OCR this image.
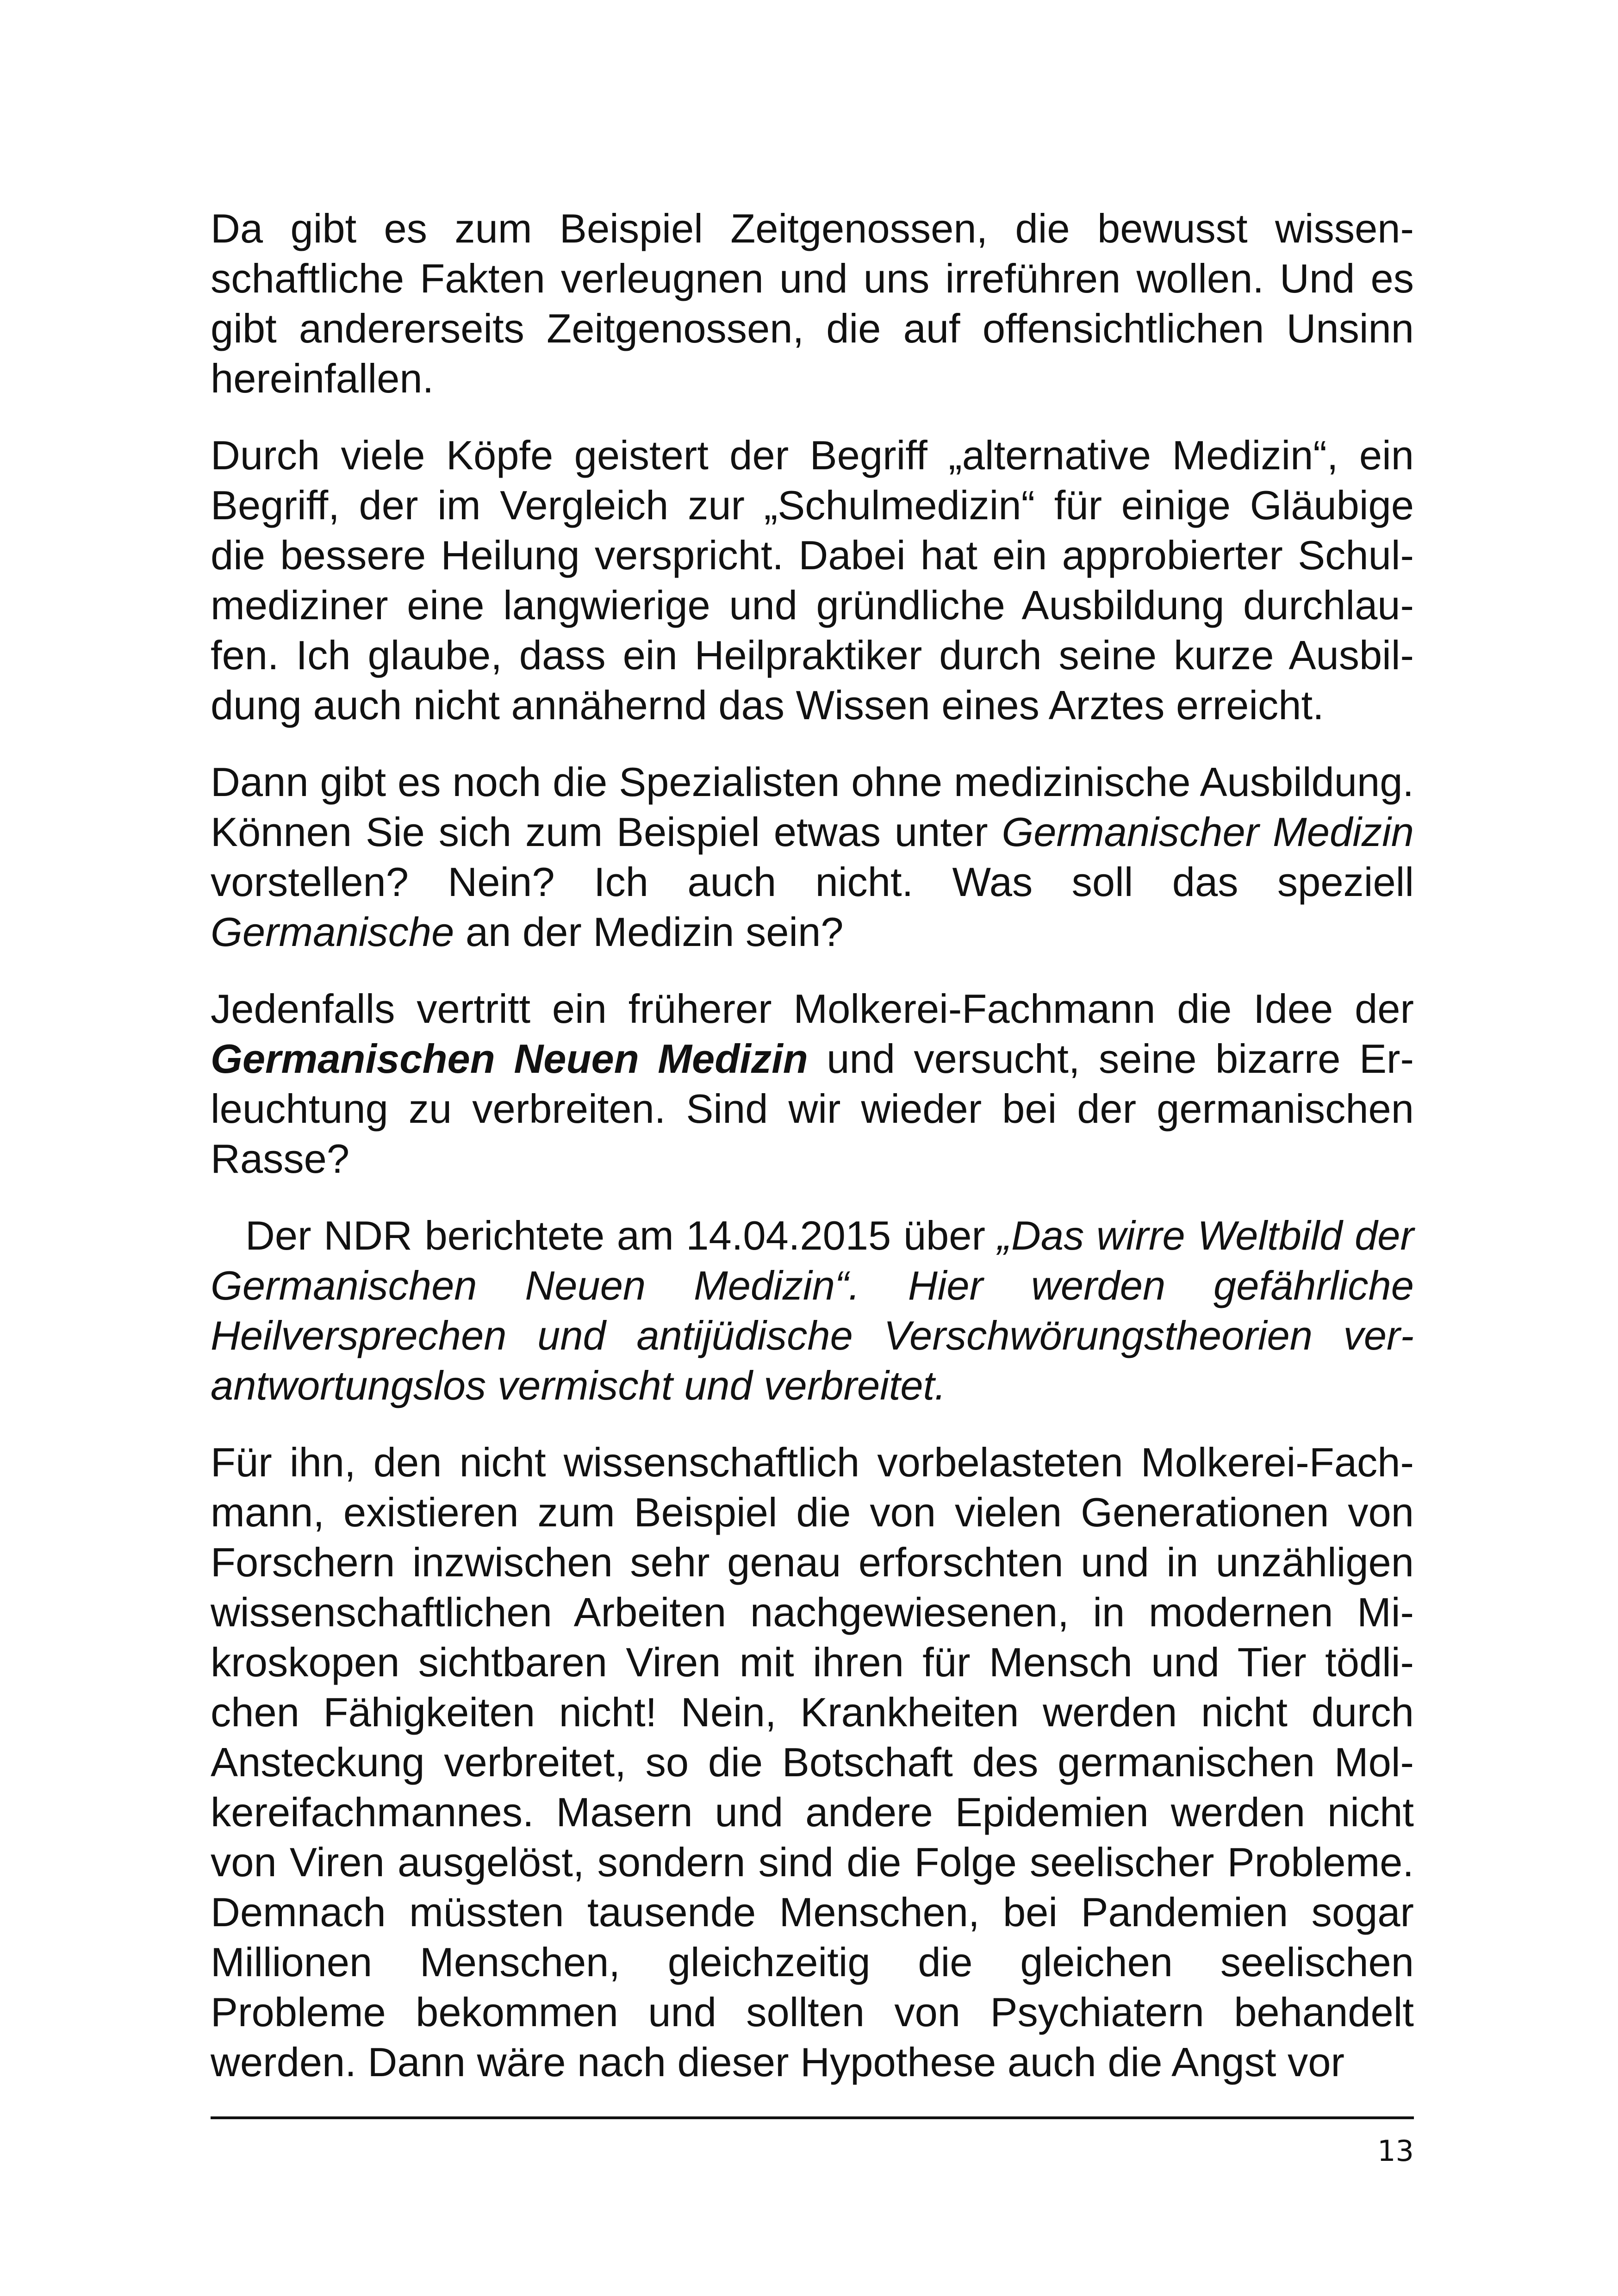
Da gibt es zum Beispiel Zeitgenossen, die bewusst wissenschaftliche Fakten verleugnen und uns irreführen wollen. Und es gibt andererseits Zeitgenossen, die auf offensichtlichen Unsinn hereinfallen.

Durch viele Köpfe geistert der Begriff „alternative Medizin“, ein Begriff, der im Vergleich zur „Schulmedizin“ für einige Gläubige die bessere Heilung verspricht. Dabei hat ein approbierter Schulmediziner eine langwierige und gründliche Ausbildung durchlaufen. Ich glaube, dass ein Heilpraktiker durch seine kurze Ausbildung auch nicht annähernd das Wissen eines Arztes erreicht.

Dann gibt es noch die Spezialisten ohne medizinische Ausbildung. Können Sie sich zum Beispiel etwas unter Germanischer Medizin vorstellen? Nein? Ich auch nicht. Was soll das speziell Germanische an der Medizin sein?

Jedenfalls vertritt ein früherer Molkerei-Fachmann die Idee der Germanischen Neuen Medizin und versucht, seine bizarre Erleuchtung zu verbreiten. Sind wir wieder bei der germanischen Rasse?

Der NDR berichtete am 14.04.2015 über „Das wirre Weltbild der Germanischen Neuen Medizin“. Hier werden gefährliche Heilversprechen und antijüdische Verschwörungstheorien verantwortungslos vermischt und verbreitet.

Für ihn, den nicht wissenschaftlich vorbelasteten Molkerei-Fachmann, existieren zum Beispiel die von vielen Generationen von Forschern inzwischen sehr genau erforschten und in unzähligen wissenschaftlichen Arbeiten nachgewiesenen, in modernen Mikroskopen sichtbaren Viren mit ihren für Mensch und Tier tödlichen Fähigkeiten nicht! Nein, Krankheiten werden nicht durch Ansteckung verbreitet, so die Botschaft des germanischen Molkereifachmannes. Masern und andere Epidemien werden nicht von Viren ausgelöst, sondern sind die Folge seelischer Probleme. Demnach müssten tausende Menschen, bei Pandemien sogar Millionen Menschen, gleichzeitig die gleichen seelischen Probleme bekommen und sollten von Psychiatern behandelt werden. Dann wäre nach dieser Hypothese auch die Angst vor

13
